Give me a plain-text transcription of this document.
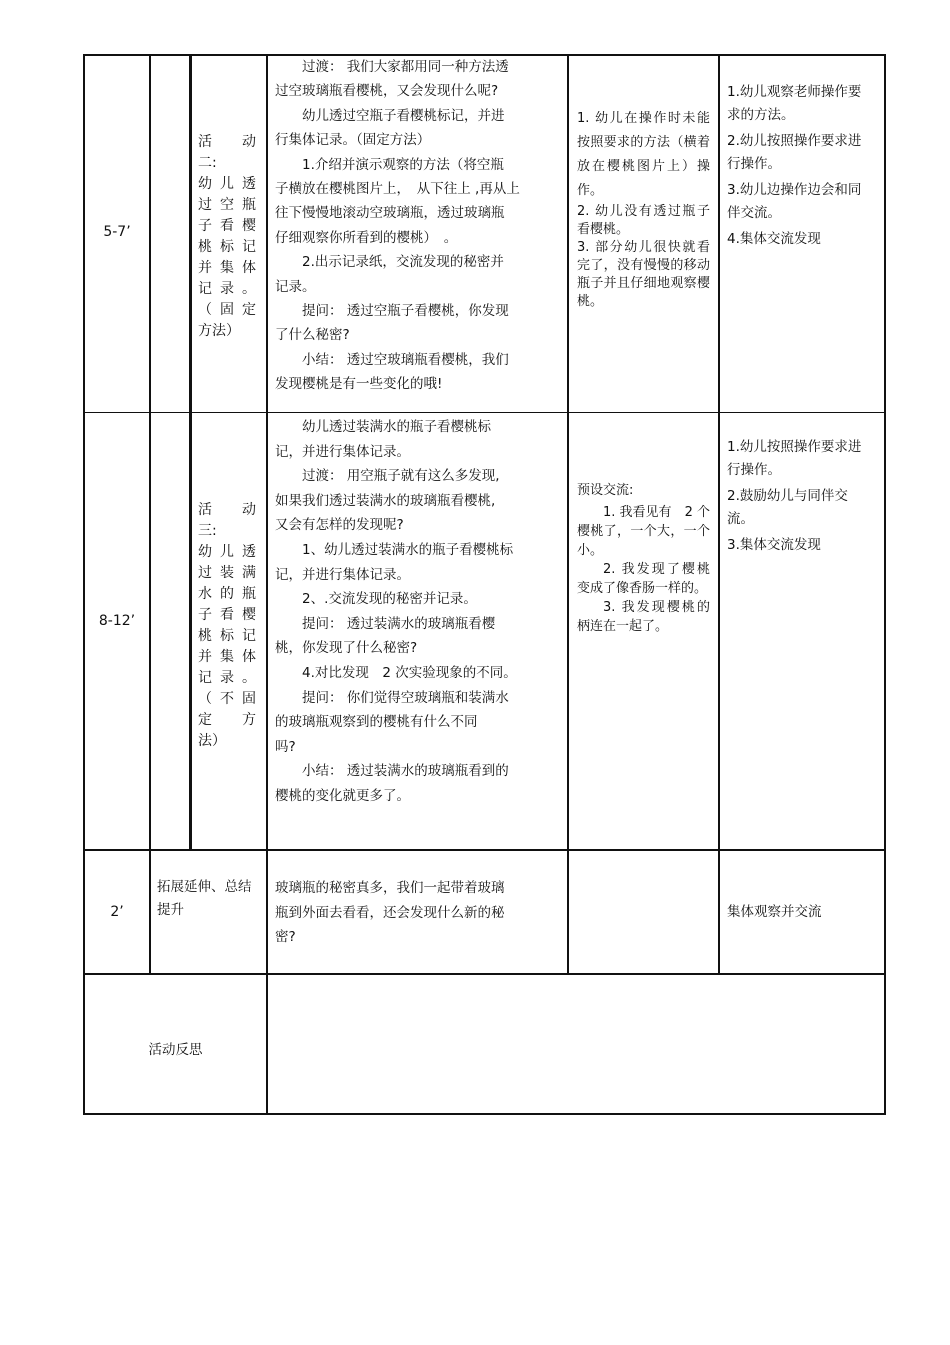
5-7’
活　　动
二:
幼儿透
过空瓶
子看樱
桃标记
并集体
记录。
（固定
方法）

过渡： 我们大家都用同一种方法透

过空玻璃瓶看樱桃，又会发现什么呢?

幼儿透过空瓶子看樱桃标记，并进

行集体记录。（固定方法）

1.介绍并演示观察的方法（将空瓶

子横放在樱桃图片上，　从下往上 ,再从上

往下慢慢地滚动空玻璃瓶，透过玻璃瓶

仔细观察你所看到的樱桃）　。

2.出示记录纸，交流发现的秘密并

记录。

提问： 透过空瓶子看樱桃，你发现

了什么秘密?

小结： 透过空玻璃瓶看樱桃，我们

发现樱桃是有一些变化的哦!

1. 幼儿在操作时未能按照要求的方法（横着放在樱桃图片上）操作。

2. 幼儿没有透过瓶子看樱桃。

3. 部分幼儿很快就看完了，没有慢慢的移动瓶子并且仔细地观察樱桃。

1.幼儿观察老师操作要求的方法。

2.幼儿按照操作要求进行操作。

3.幼儿边操作边会和同伴交流。

4.集体交流发现

8-12’
活　　动
三:
幼儿透
过装满
水的瓶
子看樱
桃标记
并集体
记录。
（不固
定　　方
法）

幼儿透过装满水的瓶子看樱桃标

记，并进行集体记录。

过渡： 用空瓶子就有这么多发现,

如果我们透过装满水的玻璃瓶看樱桃,

又会有怎样的发现呢?

1、幼儿透过装满水的瓶子看樱桃标

记，并进行集体记录。

2、.交流发现的秘密并记录。

提问： 透过装满水的玻璃瓶看樱

桃，你发现了什么秘密?

4.对比发现　2 次实验现象的不同。

提问： 你们觉得空玻璃瓶和装满水

的玻璃瓶观察到的樱桃有什么不同

吗?

小结： 透过装满水的玻璃瓶看到的

樱桃的变化就更多了。

预设交流:

1. 我看见有　2 个樱桃了，一个大，一个小。

2. 我发现了樱桃变成了像香肠一样的。

3. 我发现樱桃的柄连在一起了。

1.幼儿按照操作要求进行操作。

2.鼓励幼儿与同伴交流。

3.集体交流发现

2’
拓展延伸、总结提升

玻璃瓶的秘密真多，我们一起带着玻璃

瓶到外面去看看，还会发现什么新的秘

密?

集体观察并交流
活动反思
